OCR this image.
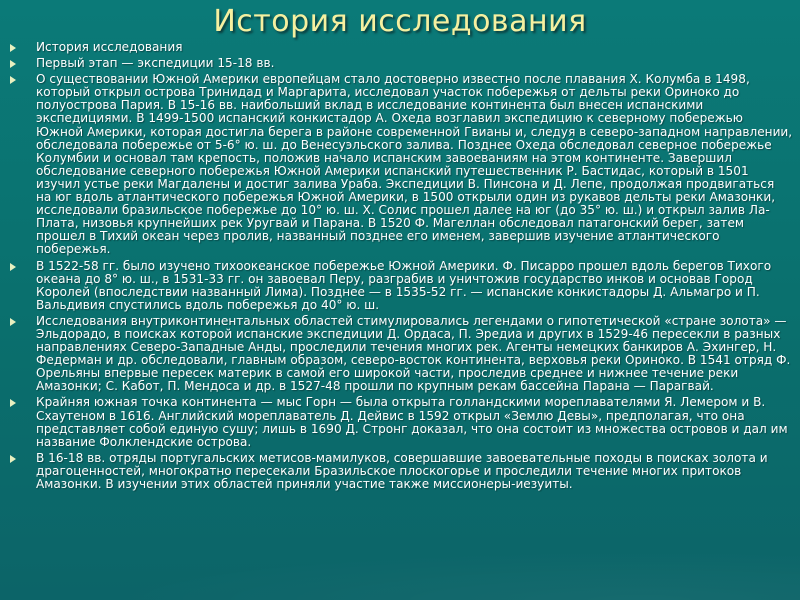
История исследования
История исследования
Первый этап — экспедиции 15-18 вв.
О существовании Южной Америки европейцам стало достоверно известно после плавания Х. Колумба в 1498, который открыл острова Тринидад и Маргарита, исследовал участок побережья от дельты реки Ориноко до полуострова Пария. В 15-16 вв. наибольший вклад в исследование континента был внесен испанскими экспедициями. В 1499-1500 испанский конкистадор А. Охеда возглавил экспедицию к северному побережью Южной Америки, которая достигла берега в районе современной Гвианы и, следуя в северо-западном направлении, обследовала побережье от 5-6° ю. ш. до Венесуэльского залива. Позднее Охеда обследовал северное побережье Колумбии и основал там крепость, положив начало испанским завоеваниям на этом континенте. Завершил обследование северного побережья Южной Америки испанский путешественник Р. Бастидас, который в 1501 изучил устье реки Магдалены и достиг залива Ураба. Экспедиции В. Пинсона и Д. Лепе, продолжая продвигаться на юг вдоль атлантического побережья Южной Америки, в 1500 открыли один из рукавов дельты реки Амазонки, исследовали бразильское побережье до 10° ю. ш. Х. Солис прошел далее на юг (до 35° ю. ш.) и открыл залив Ла-Плата, низовья крупнейших рек Уругвай и Парана. В 1520 Ф. Магеллан обследовал патагонский берег, затем прошел в Тихий океан через пролив, названный позднее его именем, завершив изучение атлантического побережья.
В 1522-58 гг. было изучено тихоокеанское побережье Южной Америки. Ф. Писарро прошел вдоль берегов Тихого океана до 8° ю. ш., в 1531-33 гг. он завоевал Перу, разграбив и уничтожив государство инков и основав Город Королей (впоследствии названный Лима). Позднее — в 1535-52 гг. — испанские конкистадоры Д. Альмагро и П. Вальдивия спустились вдоль побережья до 40° ю. ш.
Исследования внутриконтинентальных областей стимулировались легендами о гипотетической «стране золота» — Эльдорадо, в поисках которой испанские экспедиции Д. Ордаса, П. Эредиа и других в 1529-46 пересекли в разных направлениях Северо-Западные Анды, проследили течения многих рек. Агенты немецких банкиров А. Эхингер, Н. Федерман и др. обследовали, главным образом, северо-восток континента, верховья реки Ориноко. В 1541 отряд Ф. Орельяны впервые пересек материк в самой его широкой части, проследив среднее и нижнее течение реки Амазонки; С. Кабот, П. Мендоса и др. в 1527-48 прошли по крупным рекам бассейна Парана — Парагвай.
Крайняя южная точка континента — мыс Горн — была открыта голландскими мореплавателями Я. Лемером и В. Схаутеном в 1616. Английский мореплаватель Д. Дейвис в 1592 открыл «Землю Девы», предполагая, что она представляет собой единую сушу; лишь в 1690 Д. Стронг доказал, что она состоит из множества островов и дал им название Фолклендские острова.
В 16-18 вв. отряды португальских метисов-мамилуков, совершавшие завоевательные походы в поисках золота и драгоценностей, многократно пересекали Бразильское плоскогорье и проследили течение многих притоков Амазонки. В изучении этих областей приняли участие также миссионеры-иезуиты.
